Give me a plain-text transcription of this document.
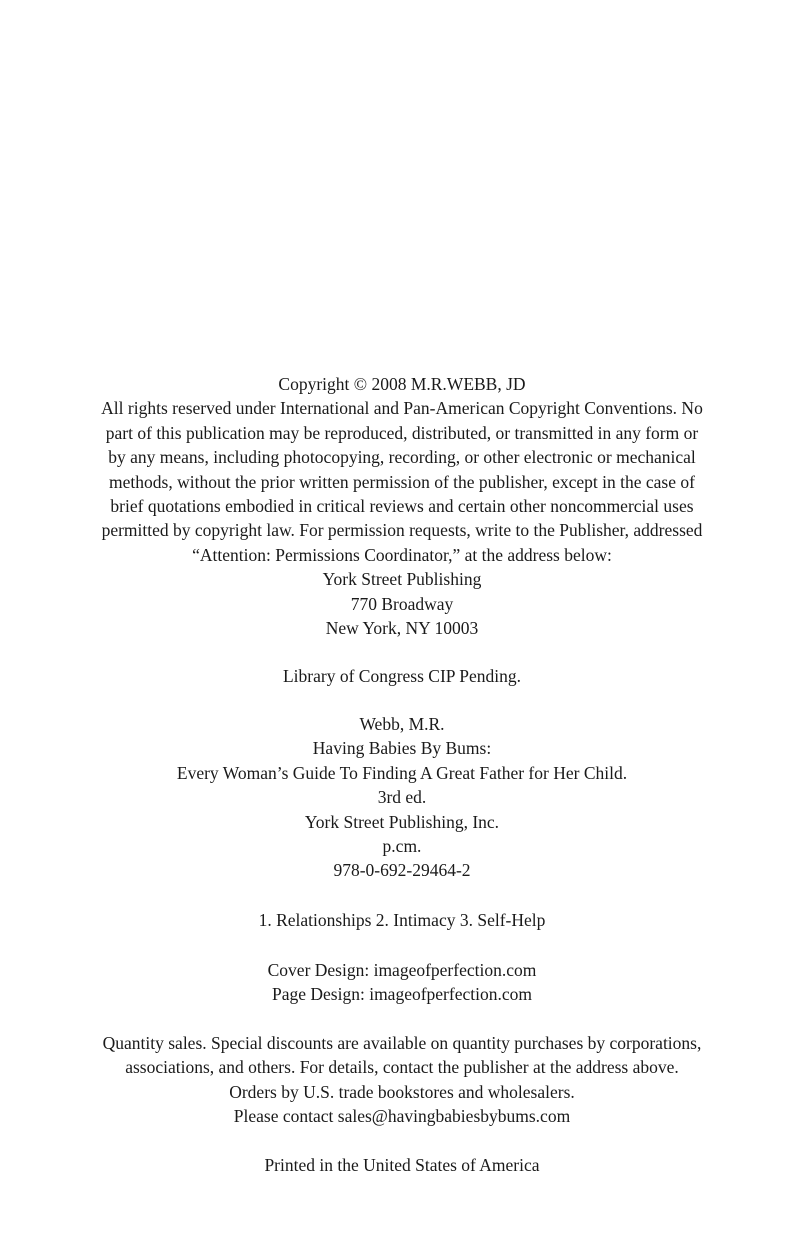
Copyright © 2008 M.R.WEBB, JD
All rights reserved under International and Pan-American Copyright Conventions. No
part of this publication may be reproduced, distributed, or transmitted in any form or
by any means, including photocopying, recording, or other electronic or mechanical
methods, without the prior written permission of the publisher, except in the case of
brief quotations embodied in critical reviews and certain other noncommercial uses
permitted by copyright law. For permission requests, write to the Publisher, addressed
“Attention: Permissions Coordinator,” at the address below:
York Street Publishing
770 Broadway
New York, NY 10003
Library of Congress CIP Pending.
Webb, M.R.
Having Babies By Bums:
Every Woman’s Guide To Finding A Great Father for Her Child.
3rd ed.
York Street Publishing, Inc.
p.cm.
978-0-692-29464-2
1. Relationships 2. Intimacy 3. Self-Help
Cover Design: imageofperfection.com
Page Design: imageofperfection.com
Quantity sales. Special discounts are available on quantity purchases by corporations,
associations, and others. For details, contact the publisher at the address above.
Orders by U.S. trade bookstores and wholesalers.
Please contact sales@havingbabiesbybums.com
Printed in the United States of America
